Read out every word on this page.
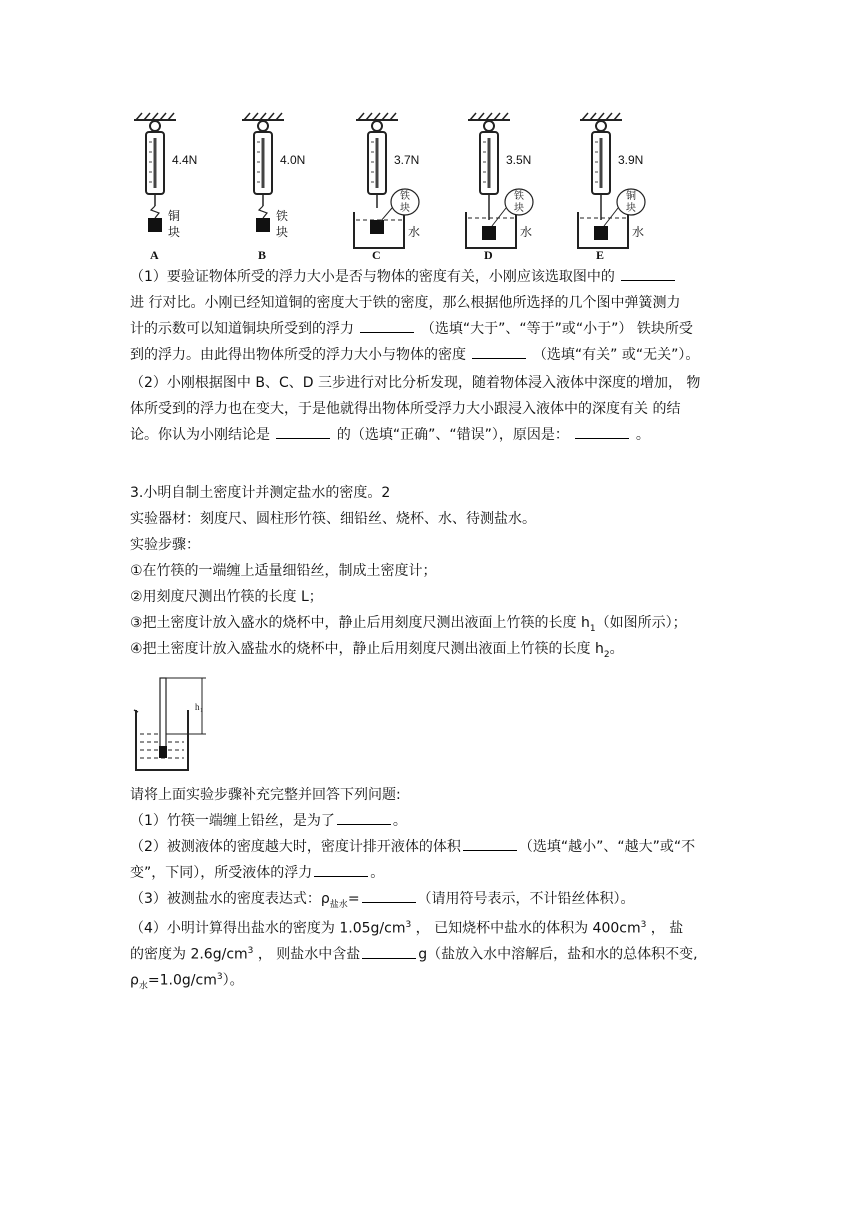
4.4N	4.0N	3.7N	3.5N	3.9N
铜
块
铁
块
铁
块
铁
块
铜
块
水	水	水
A	B	C	D	E
（1）要验证物体所受的浮力大小是否与物体的密度有关，小刚应该选取图中的
进 行对比。小刚已经知道铜的密度大于铁的密度，那么根据他所选择的几个图中弹簧测力
计的示数可以知道铜块所受到的浮力	（选填“大于”、“等于”或“小于”） 铁块所受
到的浮力。由此得出物体所受的浮力大小与物体的密度	（选填“有关” 或“无关”）。
（2）小刚根据图中 B、C、D 三步进行对比分析发现，随着物体浸入液体中深度的增加， 物
体所受到的浮力也在变大，于是他就得出物体所受浮力大小跟浸入液体中的深度有关 的结
论。你认为小刚结论是	的（选填“正确”、“错误”），原因是：	。
3.小明自制土密度计并测定盐水的密度。2
实验器材：刻度尺、圆柱形竹筷、细铅丝、烧杯、水、待测盐水。
实验步骤：
①在竹筷的一端缠上适量细铅丝，制成土密度计；
②用刻度尺测出竹筷的长度 L；
③把土密度计放入盛水的烧杯中，静止后用刻度尺测出液面上竹筷的长度 $h_1$（如图所示）；
④把土密度计放入盛盐水的烧杯中，静止后用刻度尺测出液面上竹筷的长度 $h_2$。
h 1
请将上面实验步骤补充完整并回答下列问题:
（1）竹筷一端缠上铅丝，是为了	。
（2）被测液体的密度越大时，密度计排开液体的体积	（选填“越小”、“越大”或“不
变”，下同），所受液体的浮力	。
（3）被测盐水的密度表达式：$\rho_{盐水}=$	（请用符号表示，不计铅丝体积）。
（4）小明计算得出盐水的密度为 $1.05g/cm^3$ ， 已知烧杯中盐水的体积为 $400cm^3$ ， 盐
的密度为 $2.6g/cm^3$ ， 则盐水中含盐	g（盐放入水中溶解后，盐和水的总体积不变,
$\rho_水=1.0g/cm^3$）。
